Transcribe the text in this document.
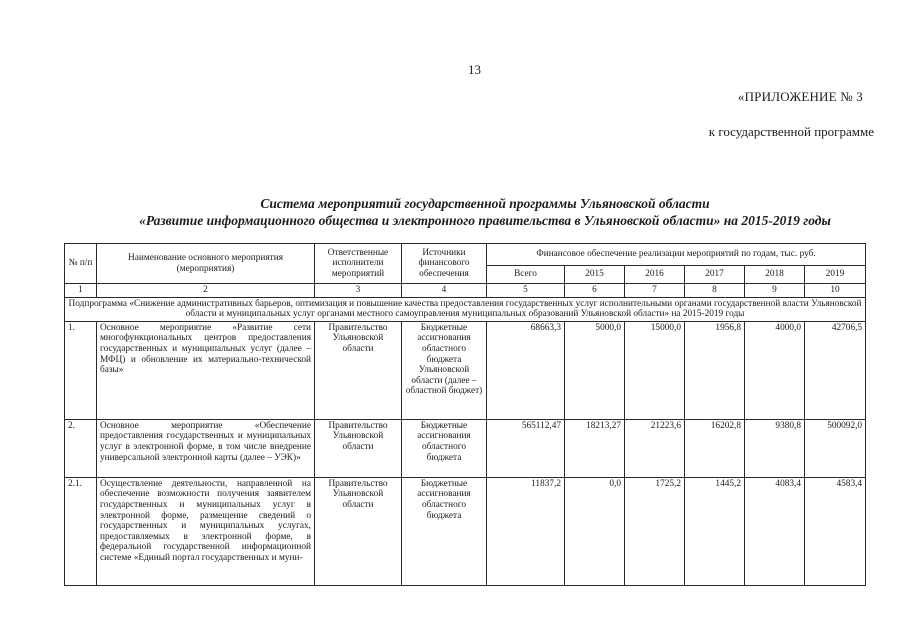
13
«ПРИЛОЖЕНИЕ № 3
к государственной программе
Система мероприятий государственной программы Ульяновской области
«Развитие информационного общества и электронного правительства в Ульяновской области» на 2015-2019 годы
№ п/п	Наименование основного мероприятия (мероприятия)	Ответственные исполнители мероприятий	Источники финансового обеспечения	Финансовое обеспечение реализации мероприятий по годам, тыс. руб.					
				Всего	2015	2016	2017	2018	2019
1	2	3	4	5	6	7	8	9	10
Подпрограмма «Снижение административных барьеров, оптимизация и повышение качества предоставления государственных услуг исполнительными органами государственной власти Ульяновской области и муниципальных услуг органами местного самоуправления муниципальных образований Ульяновской области» на 2015-2019 годы									
1.	Основное мероприятие «Развитие сети многофункциональных центров предоставления государственных и муниципальных услуг (далее – МФЦ) и обновление их материально-технической базы»	Правительство Ульяновской области	Бюджетные ассигнования областного бюджета Ульяновской области (далее – областной бюджет)	68663,3	5000,0	15000,0	1956,8	4000,0	42706,5
2.	Основное мероприятие «Обеспечение предоставления государственных и муниципальных услуг в электронной форме, в том числе внедрение универсальной электронной карты (далее – УЭК)»	Правительство Ульяновской области	Бюджетные ассигнования областного бюджета	565112,47	18213,27	21223,6	16202,8	9380,8	500092,0
2.1.	Осуществление деятельности, направленной на обеспечение возможности получения заявителем государственных и муниципальных услуг в электронной форме, размещение сведений о государственных и муниципальных услугах, предоставляемых в электронной форме, в федеральной государственной информационной системе «Единый портал государственных и муни-	Правительство Ульяновской области	Бюджетные ассигнования областного бюджета	11837,2	0,0	1725,2	1445,2	4083,4	4583,4
